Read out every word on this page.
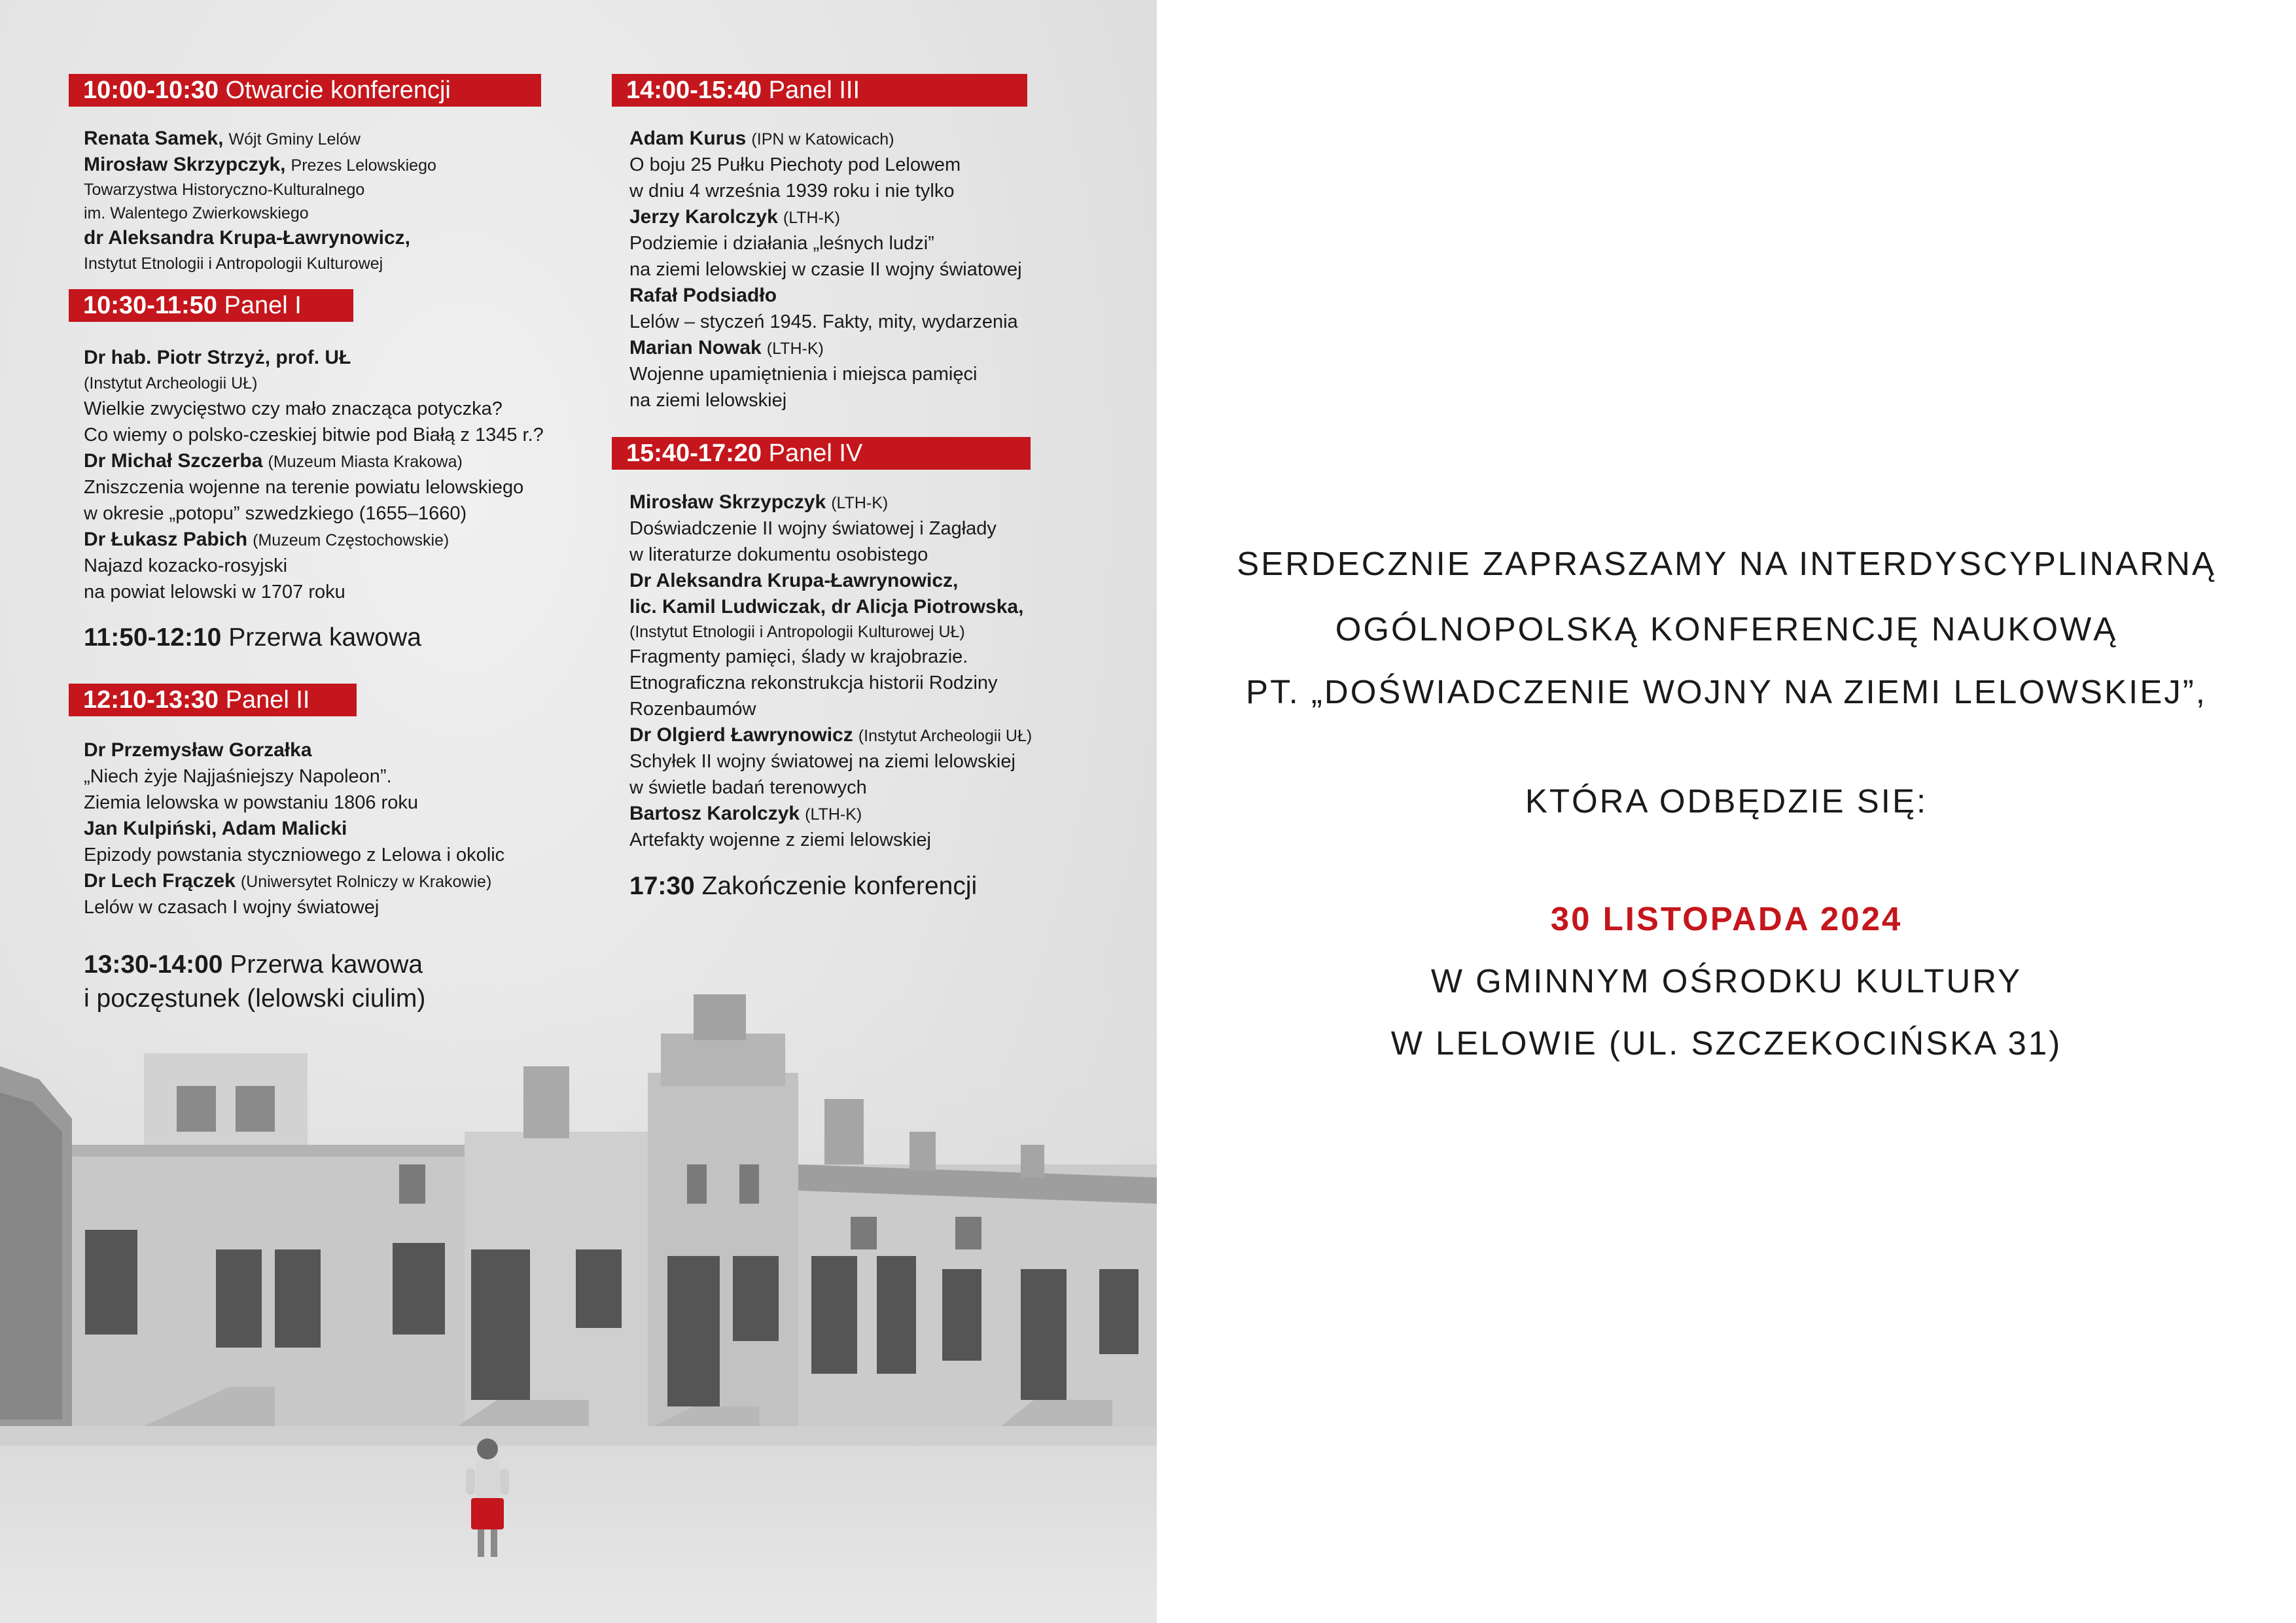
10:00-10:30 Otwarcie konferencji
Renata Samek, Wójt Gminy Lelów
Mirosław Skrzypczyk, Prezes Lelowskiego
Towarzystwa Historyczno-Kulturalnego
im. Walentego Zwierkowskiego
dr Aleksandra Krupa-Ławrynowicz,
Instytut Etnologii i Antropologii Kulturowej
10:30-11:50 Panel I
Dr hab. Piotr Strzyż, prof. UŁ
(Instytut Archeologii UŁ)
Wielkie zwycięstwo czy mało znacząca potyczka?
Co wiemy o polsko-czeskiej bitwie pod Białą z 1345 r.?
Dr Michał Szczerba (Muzeum Miasta Krakowa)
Zniszczenia wojenne na terenie powiatu lelowskiego
w okresie „potopu” szwedzkiego (1655–1660)
Dr Łukasz Pabich (Muzeum Częstochowskie)
Najazd kozacko-rosyjski
na powiat lelowski w 1707 roku
11:50-12:10 Przerwa kawowa
12:10-13:30 Panel II
Dr Przemysław Gorzałka
„Niech żyje Najjaśniejszy Napoleon”.
Ziemia lelowska w powstaniu 1806 roku
Jan Kulpiński, Adam Malicki
Epizody powstania styczniowego z Lelowa i okolic
Dr Lech Frączek (Uniwersytet Rolniczy w Krakowie)
Lelów w czasach I wojny światowej
13:30-14:00 Przerwa kawowa
i poczęstunek (lelowski ciulim)
14:00-15:40 Panel III
Adam Kurus (IPN w Katowicach)
O boju 25 Pułku Piechoty pod Lelowem
w dniu 4 września 1939 roku i nie tylko
Jerzy Karolczyk (LTH-K)
Podziemie i działania „leśnych ludzi”
na ziemi lelowskiej w czasie II wojny światowej
Rafał Podsiadło
Lelów – styczeń 1945. Fakty, mity, wydarzenia
Marian Nowak (LTH-K)
Wojenne upamiętnienia i miejsca pamięci
na ziemi lelowskiej
15:40-17:20 Panel IV
Mirosław Skrzypczyk (LTH-K)
Doświadczenie II wojny światowej i Zagłady
w literaturze dokumentu osobistego
Dr Aleksandra Krupa-Ławrynowicz,
lic. Kamil Ludwiczak, dr Alicja Piotrowska,
(Instytut Etnologii i Antropologii Kulturowej UŁ)
Fragmenty pamięci, ślady w krajobrazie.
Etnograficzna rekonstrukcja historii Rodziny
Rozenbaumów
Dr Olgierd Ławrynowicz (Instytut Archeologii UŁ)
Schyłek II wojny światowej na ziemi lelowskiej
w świetle badań terenowych
Bartosz Karolczyk (LTH-K)
Artefakty wojenne z ziemi lelowskiej
17:30 Zakończenie konferencji
SERDECZNIE ZAPRASZAMY NA INTERDYSCYPLINARNĄ
OGÓLNOPOLSKĄ KONFERENCJĘ NAUKOWĄ
PT. „DOŚWIADCZENIE WOJNY NA ZIEMI LELOWSKIEJ”,
KTÓRA ODBĘDZIE SIĘ:
30 LISTOPADA 2024
W GMINNYM OŚRODKU KULTURY
W LELOWIE (UL. SZCZEKOCIŃSKA 31)
